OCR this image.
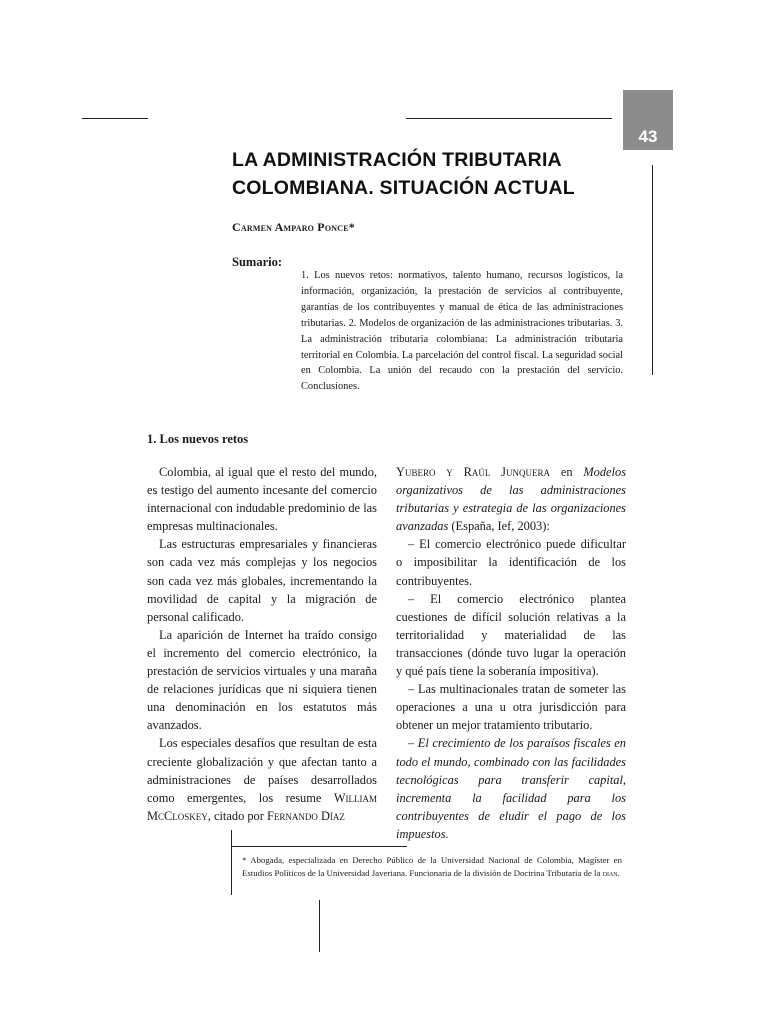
43
LA ADMINISTRACIÓN TRIBUTARIA
COLOMBIANA. SITUACIÓN ACTUAL
Carmen Amparo Ponce*
Sumario:
1. Los nuevos retos: normativos, talento humano, recursos logísticos, la información, organización, la prestación de servicios al contribuyente, garantías de los contribuyentes y manual de ética de las administraciones tributarias. 2. Modelos de organización de las administraciones tributarias. 3. La administración tributaria colombiana: La administración tributaria territorial en Colombia. La parcelación del control fiscal. La seguridad social en Colombia. La unión del recaudo con la prestación del servicio. Conclusiones.
1. Los nuevos retos

Colombia, al igual que el resto del mundo, es testigo del aumento incesante del comercio internacional con indudable predominio de las empresas multinacionales.

Las estructuras empresariales y financieras son cada vez más complejas y los negocios son cada vez más globales, incrementando la movilidad de capital y la migración de personal calificado.

La aparición de Internet ha traído consigo el incremento del comercio electrónico, la prestación de servicios virtuales y una maraña de relaciones jurídicas que ni siquiera tienen una denominación en los estatutos más avanzados.

Los especiales desafíos que resultan de esta creciente globalización y que afectan tanto a administraciones de países desarrollados como emergentes, los resume William McCloskey, citado por Fernando Díaz

Yubero y Raúl Junquera en Modelos organizativos de las administraciones tributarias y estrategia de las organizaciones avanzadas (España, Ief, 2003):

– El comercio electrónico puede dificultar o imposibilitar la identificación de los contribuyentes.

– El comercio electrónico plantea cuestiones de difícil solución relativas a la territorialidad y materialidad de las transacciones (dónde tuvo lugar la operación y qué país tiene la soberanía impositiva).

– Las multinacionales tratan de someter las operaciones a una u otra jurisdicción para obtener un mejor tratamiento tributario.

– El crecimiento de los paraísos fiscales en todo el mundo, combinado con las facilidades tecnológicas para transferir capital, incrementa la facilidad para los contribuyentes de eludir el pago de los impuestos.

* Abogada, especializada en Derecho Público de la Universidad Nacional de Colombia, Magíster en Estudios Políticos de la Universidad Javeriana. Funcionaria de la división de Doctrina Tributaria de la dian.
